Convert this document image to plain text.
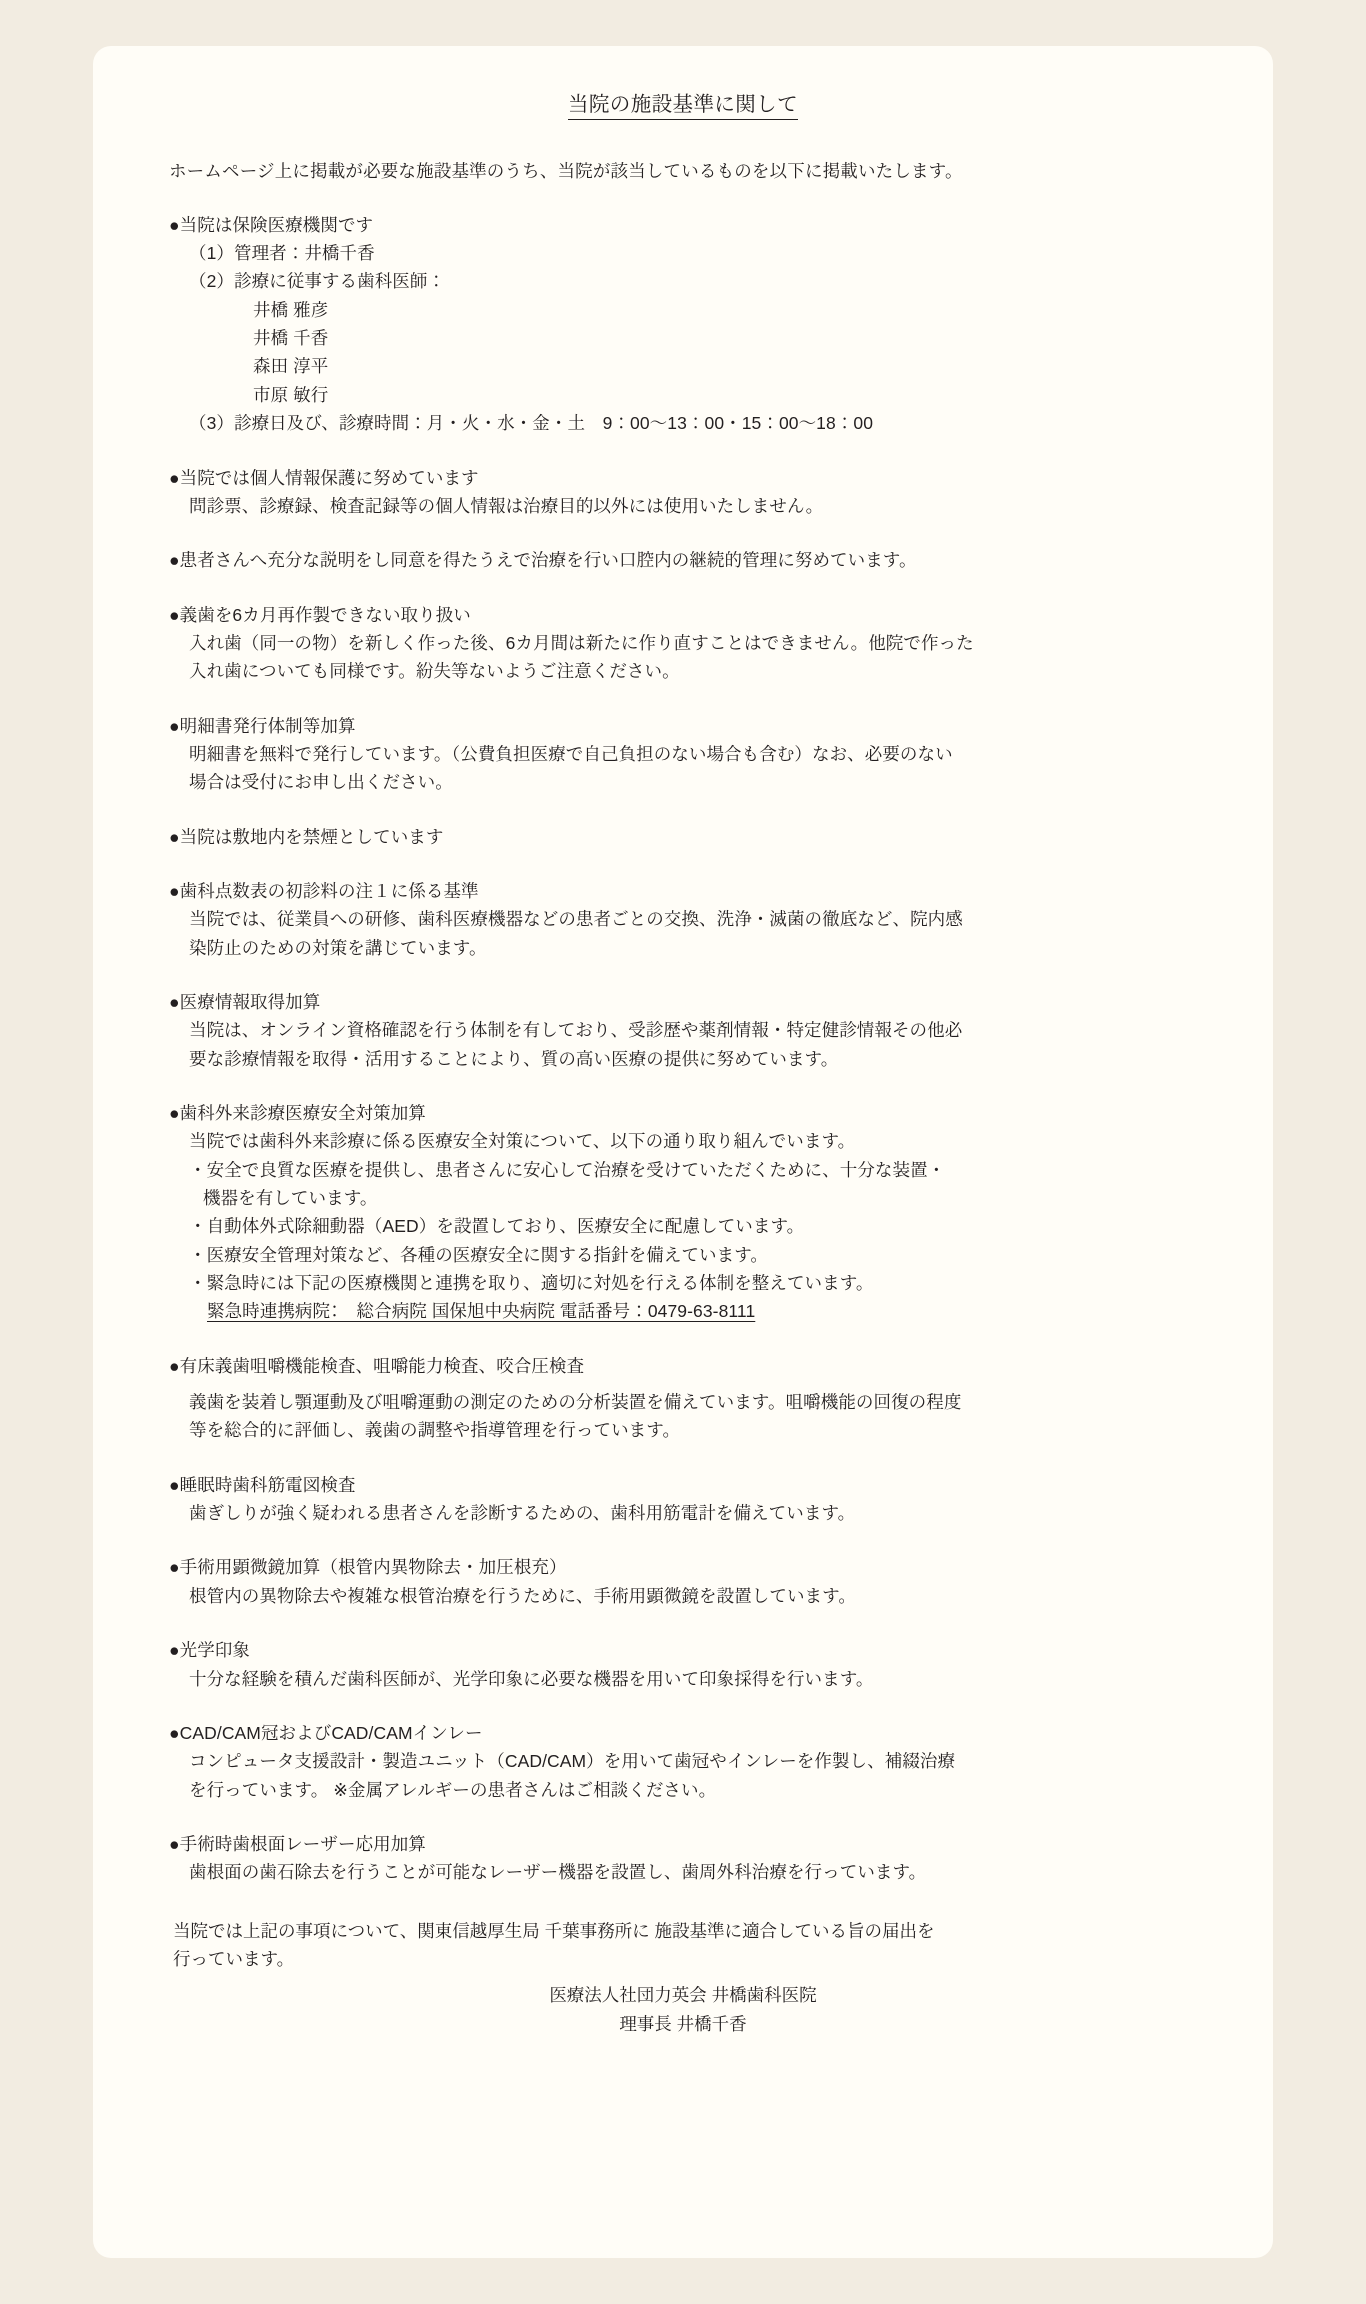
当院の施設基準に関して
ホームページ上に掲載が必要な施設基準のうち、当院が該当しているものを以下に掲載いたします。
●当院は保険医療機関です
（1）管理者：井橋千香
（2）診療に従事する歯科医師：
井橋 雅彦
井橋 千香
森田 淳平
市原 敏行
（3）診療日及び、診療時間：月・火・水・金・土　9：00〜13：00・15：00〜18：00
●当院では個人情報保護に努めています
問診票、診療録、検査記録等の個人情報は治療目的以外には使用いたしません。
●患者さんへ充分な説明をし同意を得たうえで治療を行い口腔内の継続的管理に努めています。
●義歯を6カ月再作製できない取り扱い
入れ歯（同一の物）を新しく作った後、6カ月間は新たに作り直すことはできません。他院で作った
入れ歯についても同様です。紛失等ないようご注意ください。
●明細書発行体制等加算
明細書を無料で発行しています。（公費負担医療で自己負担のない場合も含む）なお、必要のない
場合は受付にお申し出ください。
●当院は敷地内を禁煙としています
●歯科点数表の初診料の注１に係る基準
当院では、従業員への研修、歯科医療機器などの患者ごとの交換、洗浄・滅菌の徹底など、院内感
染防止のための対策を講じています。
●医療情報取得加算
当院は、オンライン資格確認を行う体制を有しており、受診歴や薬剤情報・特定健診情報その他必
要な診療情報を取得・活用することにより、質の高い医療の提供に努めています。
●歯科外来診療医療安全対策加算
当院では歯科外来診療に係る医療安全対策について、以下の通り取り組んでいます。
・安全で良質な医療を提供し、患者さんに安心して治療を受けていただくために、十分な装置・
機器を有しています。
・自動体外式除細動器（AED）を設置しており、医療安全に配慮しています。
・医療安全管理対策など、各種の医療安全に関する指針を備えています。
・緊急時には下記の医療機関と連携を取り、適切に対処を行える体制を整えています。
緊急時連携病院：　総合病院 国保旭中央病院 電話番号：0479-63-8111
●有床義歯咀嚼機能検査、咀嚼能力検査、咬合圧検査
義歯を装着し顎運動及び咀嚼運動の測定のための分析装置を備えています。咀嚼機能の回復の程度
等を総合的に評価し、義歯の調整や指導管理を行っています。
●睡眠時歯科筋電図検査
歯ぎしりが強く疑われる患者さんを診断するための、歯科用筋電計を備えています。
●手術用顕微鏡加算（根管内異物除去・加圧根充）
根管内の異物除去や複雑な根管治療を行うために、手術用顕微鏡を設置しています。
●光学印象
十分な経験を積んだ歯科医師が、光学印象に必要な機器を用いて印象採得を行います。
●CAD/CAM冠およびCAD/CAMインレー
コンピュータ支援設計・製造ユニット（CAD/CAM）を用いて歯冠やインレーを作製し、補綴治療
を行っています。 ※金属アレルギーの患者さんはご相談ください。
●手術時歯根面レーザー応用加算
歯根面の歯石除去を行うことが可能なレーザー機器を設置し、歯周外科治療を行っています。
当院では上記の事項について、関東信越厚生局 千葉事務所に 施設基準に適合している旨の届出を
行っています。
医療法人社団力英会 井橋歯科医院
理事長 井橋千香
